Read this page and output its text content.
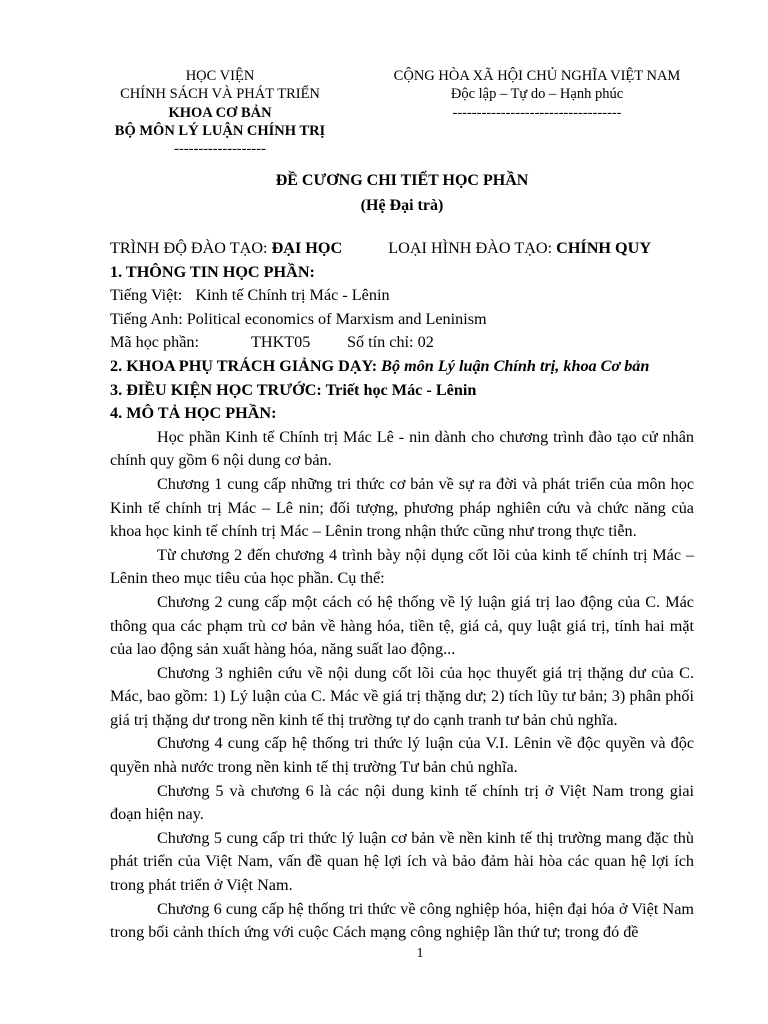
HỌC VIỆN
CHÍNH SÁCH VÀ PHÁT TRIỂN
KHOA CƠ BẢN
BỘ MÔN LÝ LUẬN CHÍNH TRỊ
-------------------
CỘNG HÒA XÃ HỘI CHỦ NGHĨA VIỆT NAM
Độc lập – Tự do – Hạnh phúc
-----------------------------------
ĐỀ CƯƠNG CHI TIẾT HỌC PHẦN
(Hệ Đại trà)
TRÌNH ĐỘ ĐÀO TẠO: ĐẠI HỌC	LOẠI HÌNH ĐÀO TẠO: CHÍNH QUY
1. THÔNG TIN HỌC PHẦN:
Tiếng Việt: Kinh tế Chính trị Mác - Lênin
Tiếng Anh: Political economics of Marxism and Leninism
Mã học phần:	THKT05 Số tín chỉ: 02
2. KHOA PHỤ TRÁCH GIẢNG DẠY: Bộ môn Lý luận Chính trị, khoa Cơ bản
3. ĐIỀU KIỆN HỌC TRƯỚC: Triết học Mác - Lênin
4. MÔ TẢ HỌC PHẦN:

Học phần Kinh tế Chính trị Mác Lê - nin dành cho chương trình đào tạo cử nhân chính quy gồm 6 nội dung cơ bản.

Chương 1 cung cấp những tri thức cơ bản về sự ra đời và phát triển của môn học Kinh tế chính trị Mác – Lê nin; đối tượng, phương pháp nghiên cứu và chức năng của khoa học kinh tế chính trị Mác – Lênin trong nhận thức cũng như trong thực tiễn.

Từ chương 2 đến chương 4 trình bày nội dụng cốt lõi của kinh tế chính trị Mác – Lênin theo mục tiêu của học phần. Cụ thể:

Chương 2 cung cấp một cách có hệ thống về lý luận giá trị lao động của C. Mác thông qua các phạm trù cơ bản về hàng hóa, tiền tệ, giá cả, quy luật giá trị, tính hai mặt của lao động sản xuất hàng hóa, năng suất lao động...

Chương 3 nghiên cứu về nội dung cốt lõi của học thuyết giá trị thặng dư của C. Mác, bao gồm: 1) Lý luận của C. Mác về giá trị thặng dư; 2) tích lũy tư bản; 3) phân phối giá trị thặng dư trong nền kinh tế thị trường tự do cạnh tranh tư bản chủ nghĩa.

Chương 4 cung cấp hệ thống tri thức lý luận của V.I. Lênin về độc quyền và độc quyền nhà nước trong nền kinh tế thị trường Tư bản chủ nghĩa.

Chương 5 và chương 6 là các nội dung kinh tế chính trị ở Việt Nam trong giai đoạn hiện nay.

Chương 5 cung cấp tri thức lý luận cơ bản về nền kinh tế thị trường mang đặc thù phát triển của Việt Nam, vấn đề quan hệ lợi ích và bảo đảm hài hòa các quan hệ lợi ích trong phát triển ở Việt Nam.

Chương 6 cung cấp hệ thống tri thức về công nghiệp hóa, hiện đại hóa ở Việt Nam trong bối cảnh thích ứng với cuộc Cách mạng công nghiệp lần thứ tư; trong đó đề

1
